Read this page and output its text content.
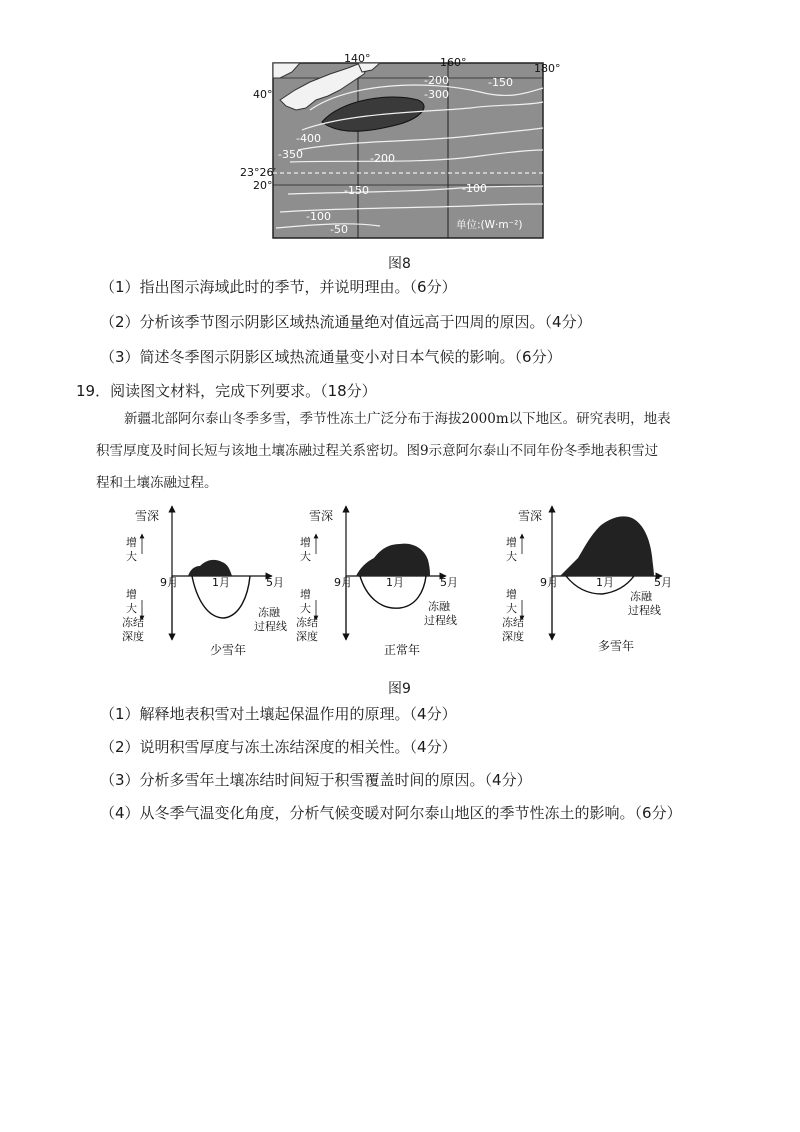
140°	160°	180°
40°
23°26′
20°
-200
-300
-150
-400
-350	-200
-150	-100
-100
-50	单位:(W·m⁻²)
图8
（1）指出图示海域此时的季节，并说明理由。（6分）
（2）分析该季节图示阴影区域热流通量绝对值远高于四周的原因。（4分）
（3）简述冬季图示阴影区域热流通量变小对日本气候的影响。（6分）
19．阅读图文材料，完成下列要求。（18分）
新疆北部阿尔泰山冬季多雪，季节性冻土广泛分布于海拔2000m以下地区。研究表明，地表
积雪厚度及时间长短与该地土壤冻融过程关系密切。图9示意阿尔泰山不同年份冬季地表积雪过
程和土壤冻融过程。
雪深
增
大
增
大
冻结
深度
9月	1月	5月
冻融
过程线
少雪年
雪深
增
大
增
大
冻结
深度
9月	1月	5月
冻融
过程线
正常年
雪深
增
大
增
大
冻结
深度
9月	1月	5月
冻融
过程线
多雪年
图9
（1）解释地表积雪对土壤起保温作用的原理。（4分）
（2）说明积雪厚度与冻土冻结深度的相关性。（4分）
（3）分析多雪年土壤冻结时间短于积雪覆盖时间的原因。（4分）
（4）从冬季气温变化角度，分析气候变暖对阿尔泰山地区的季节性冻土的影响。（6分）
